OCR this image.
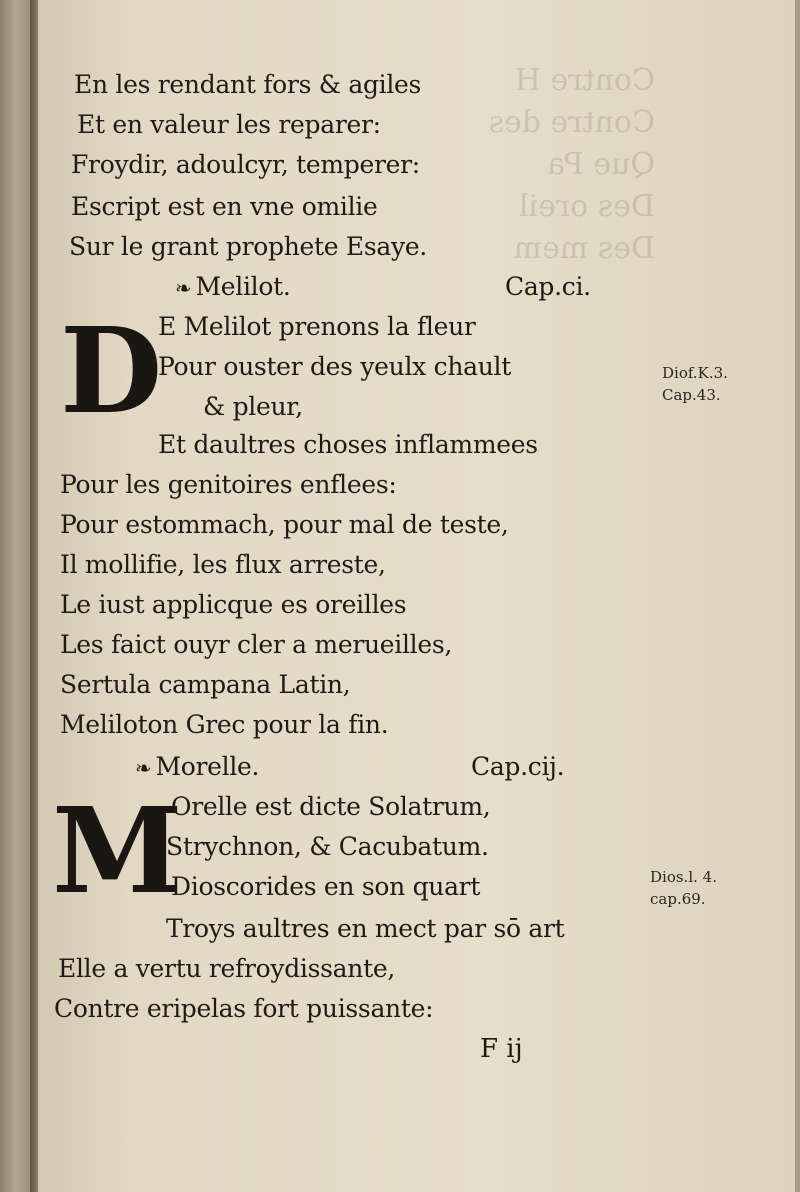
Contre H
Contre des
Que Pa
Des oreil
Des mem
En les rendant fors & agiles
Et en valeur les reparer:
Froydir, adoulcyr, temperer:
Escript est en vne omilie
Sur le grant prophete Esaye.
❧ Melilot.	Cap.ci.
D
E Melilot prenons la fleur
Pour ouster des yeulx chault
& pleur,
Et daultres choses inflammees
Pour les genitoires enflees:
Pour estommach, pour mal de teste,
Il mollifie, les flux arreste,
Le iust applicque es oreilles
Les faict ouyr cler a merueilles,
Sertula campana Latin,
Meliloton Grec pour la fin.
Diof.K.3.
Cap.43.
❧ Morelle.	Cap.cij.
M
Orelle est dicte Solatrum,
Strychnon, & Cacubatum.
Dioscorides en son quart
Troys aultres en mect par sō art
Elle a vertu refroydissante,
Contre eripelas fort puissante:
Dios.l. 4.
cap.69.
F ij
